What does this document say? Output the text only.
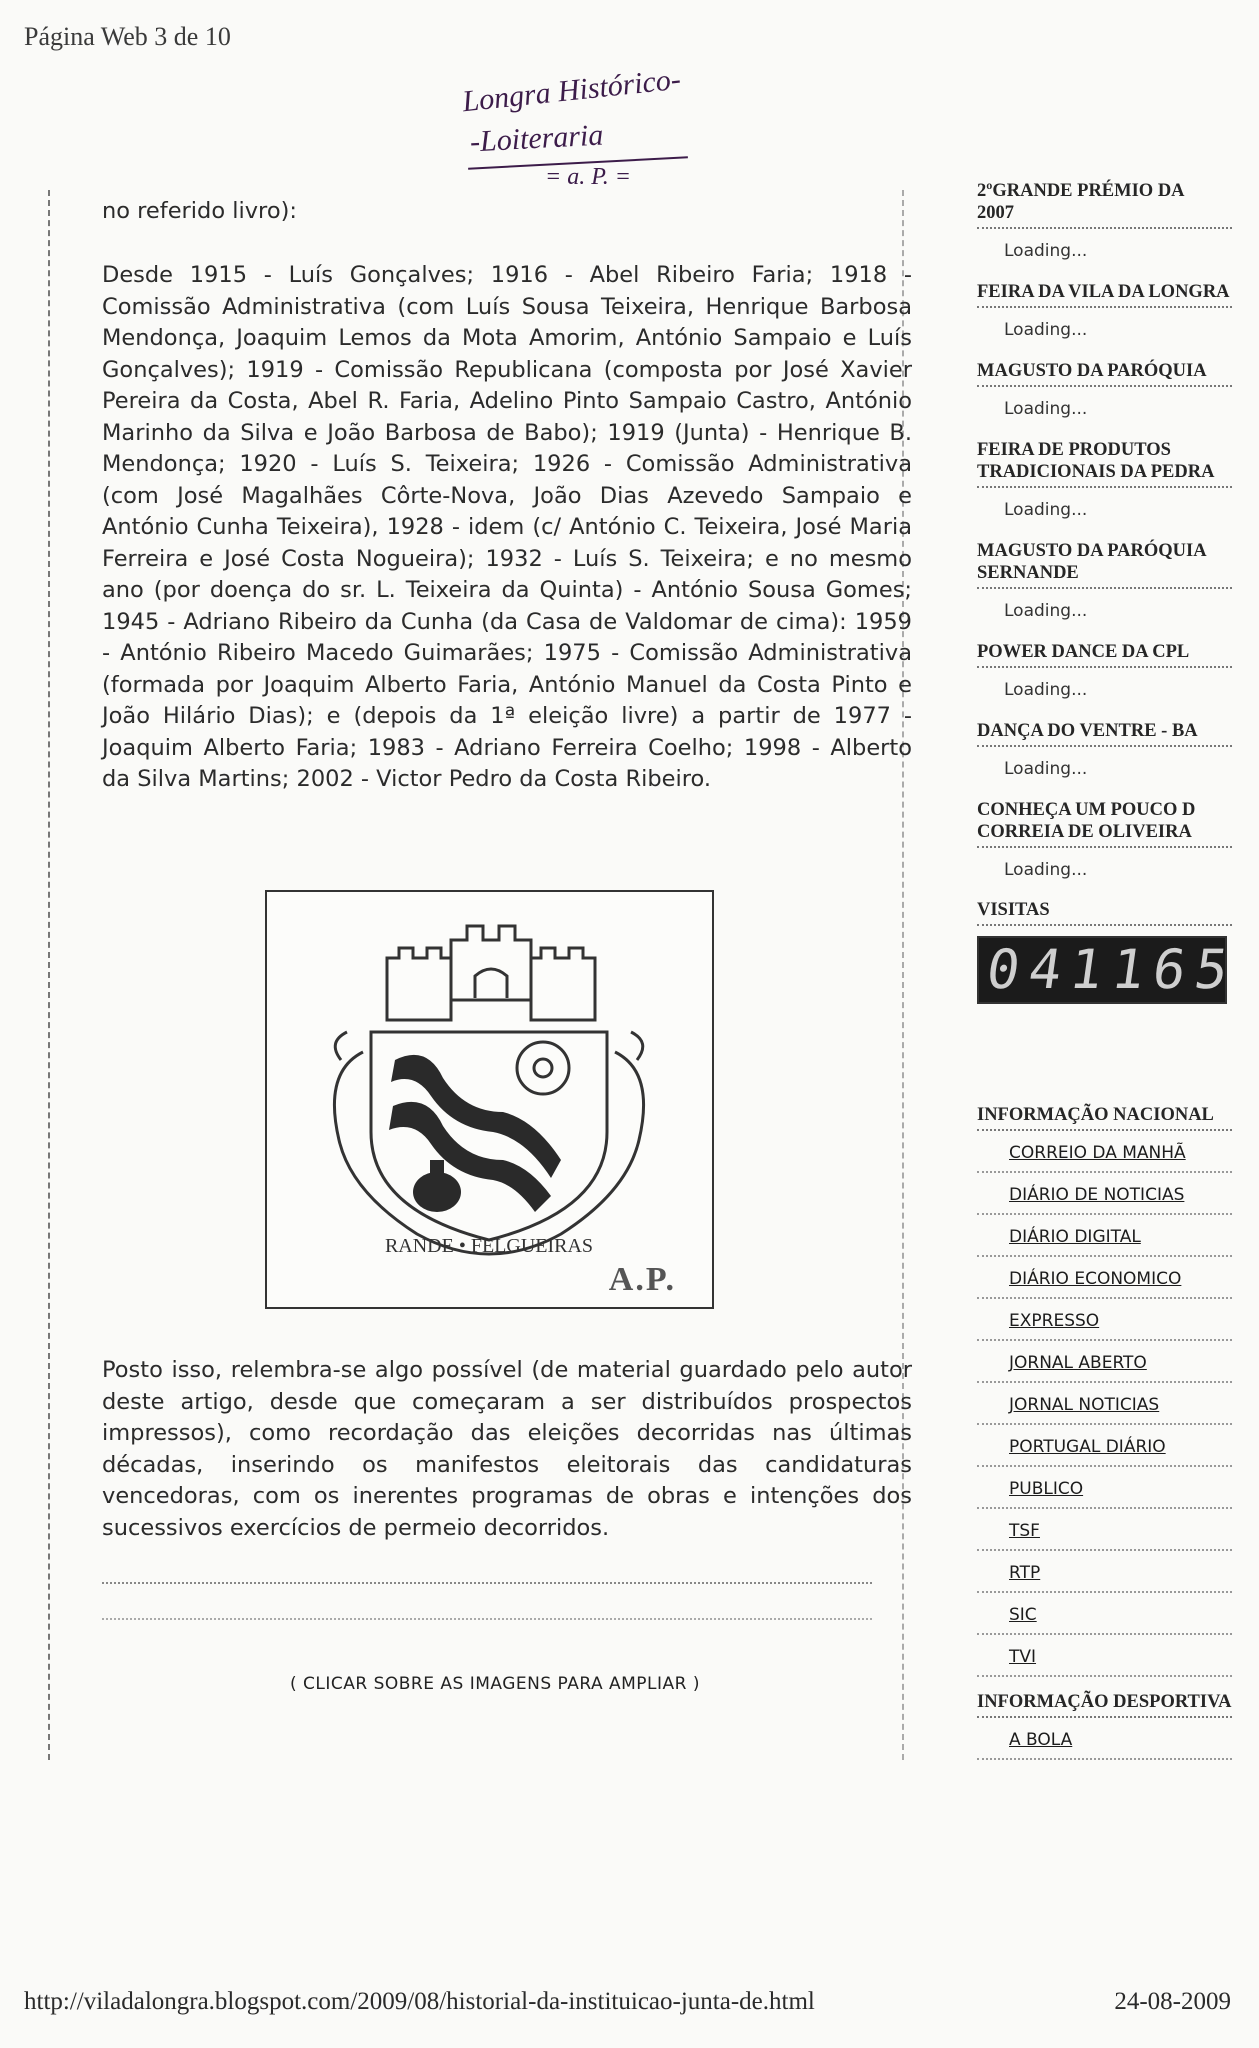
Página Web 3 de 10
Longra Histórico-
-Loiteraria
= a. P. =
no referido livro):
Desde 1915 - Luís Gonçalves; 1916 - Abel Ribeiro Faria; 1918 - Comissão Administrativa (com Luís Sousa Teixeira, Henrique Barbosa Mendonça, Joaquim Lemos da Mota Amorim, António Sampaio e Luís Gonçalves); 1919 - Comissão Republicana (composta por José Xavier Pereira da Costa, Abel R. Faria, Adelino Pinto Sampaio Castro, António Marinho da Silva e João Barbosa de Babo); 1919 (Junta) - Henrique B. Mendonça; 1920 - Luís S. Teixeira; 1926 - Comissão Administrativa (com José Magalhães Côrte-Nova, João Dias Azevedo Sampaio e António Cunha Teixeira), 1928 - idem (c/ António C. Teixeira, José Maria Ferreira e José Costa Nogueira); 1932 - Luís S. Teixeira; e no mesmo ano (por doença do sr. L. Teixeira da Quinta) - António Sousa Gomes; 1945 - Adriano Ribeiro da Cunha (da Casa de Valdomar de cima): 1959 - António Ribeiro Macedo Guimarães; 1975 - Comissão Administrativa (formada por Joaquim Alberto Faria, António Manuel da Costa Pinto e João Hilário Dias); e (depois da 1ª eleição livre) a partir de 1977 - Joaquim Alberto Faria; 1983 - Adriano Ferreira Coelho; 1998 - Alberto da Silva Martins; 2002 - Victor Pedro da Costa Ribeiro.
RANDE • FELGUEIRAS
A.P.
Posto isso, relembra-se algo possível (de material guardado pelo autor deste artigo, desde que começaram a ser distribuídos prospectos impressos), como recordação das eleições decorridas nas últimas décadas, inserindo os manifestos eleitorais das candidaturas vencedoras, com os inerentes programas de obras e intenções dos sucessivos exercícios de permeio decorridos.
( CLICAR SOBRE AS IMAGENS PARA AMPLIAR )
2ºGRANDE PRÉMIO DA
2007
Loading...
FEIRA DA VILA DA LONGRA
Loading...
MAGUSTO DA PARÓQUIA
Loading...
FEIRA DE PRODUTOS
TRADICIONAIS DA PEDRA
Loading...
MAGUSTO DA PARÓQUIA
SERNANDE
Loading...
POWER DANCE DA CPL
Loading...
DANÇA DO VENTRE - BA
Loading...
CONHEÇA UM POUCO D
CORREIA DE OLIVEIRA
Loading...
VISITAS
0 4 1 1 6 5
INFORMAÇÃO NACIONAL
CORREIO DA MANHÃ
DIÁRIO DE NOTICIAS
DIÁRIO DIGITAL
DIÁRIO ECONOMICO
EXPRESSO
JORNAL ABERTO
JORNAL NOTICIAS
PORTUGAL DIÁRIO
PUBLICO
TSF
RTP
SIC
TVI
INFORMAÇÃO DESPORTIVA
A BOLA
http://viladalongra.blogspot.com/2009/08/historial-da-instituicao-junta-de.html	24-08-2009
